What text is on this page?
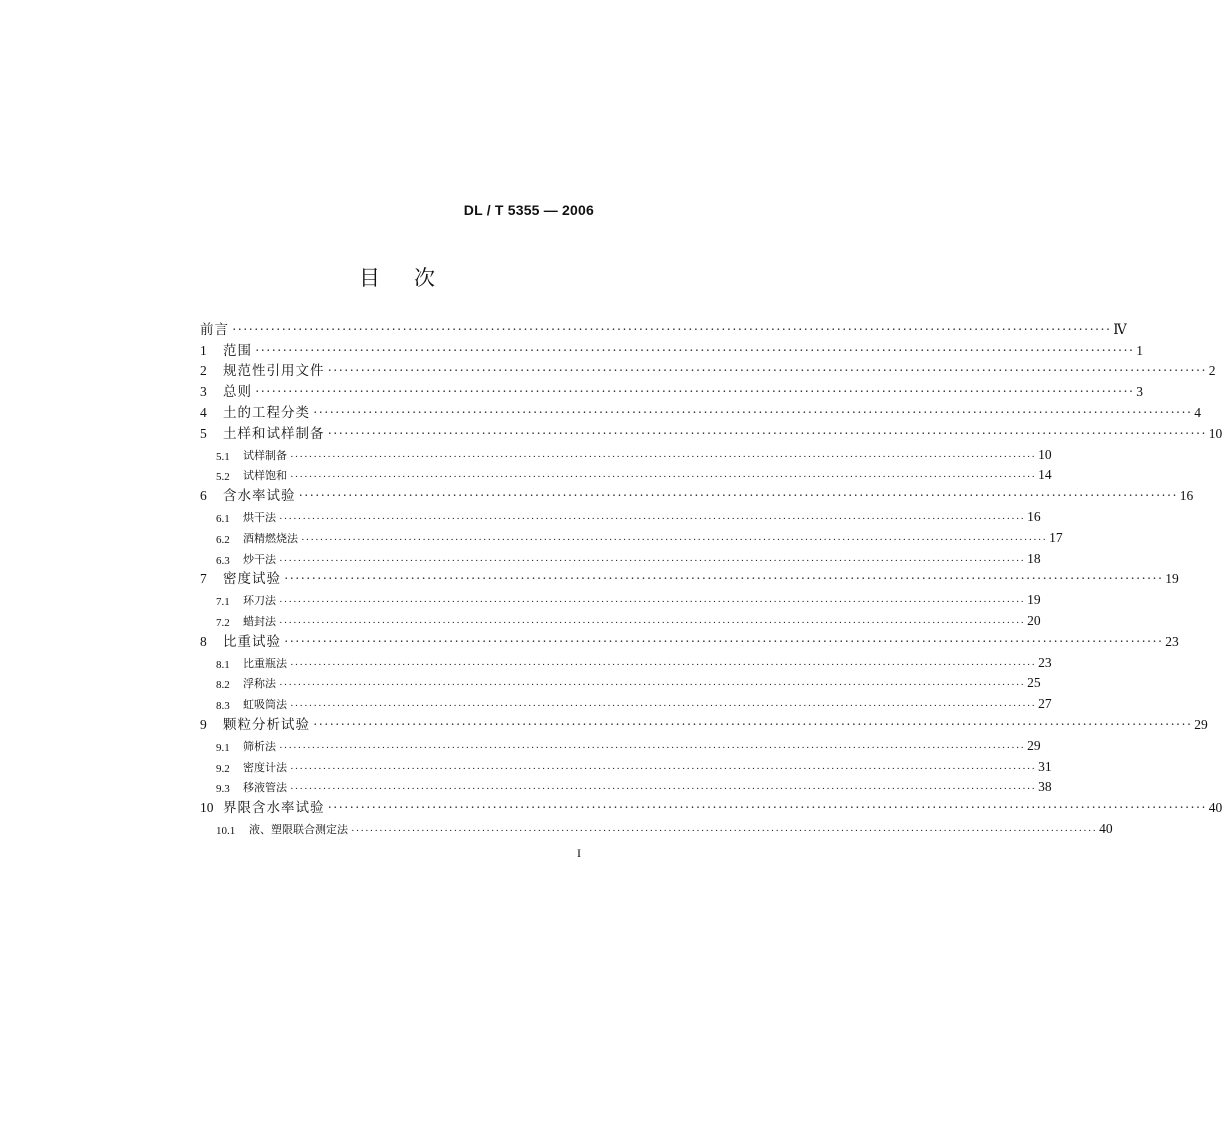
DL / T 5355 — 2006
目 次
前言 ································································································································································ Ⅳ
1	范围 ································································································································································ 1
2	规范性引用文件 ································································································································································ 2
3	总则 ································································································································································ 3
4	土的工程分类 ································································································································································ 4
5	土样和试样制备 ································································································································································ 10
5.1	试样制备 ································································································································································ 10
5.2	试样饱和 ································································································································································ 14
6	含水率试验 ································································································································································ 16
6.1	烘干法 ································································································································································ 16
6.2	酒精燃烧法 ································································································································································ 17
6.3	炒干法 ································································································································································ 18
7	密度试验 ································································································································································ 19
7.1	环刀法 ································································································································································ 19
7.2	蜡封法 ································································································································································ 20
8	比重试验 ································································································································································ 23
8.1	比重瓶法 ································································································································································ 23
8.2	浮称法 ································································································································································ 25
8.3	虹吸筒法 ································································································································································ 27
9	颗粒分析试验 ································································································································································ 29
9.1	筛析法 ································································································································································ 29
9.2	密度计法 ································································································································································ 31
9.3	移液管法 ································································································································································ 38
10 界限含水率试验 ································································································································································ 40
10.1	液、塑限联合测定法 ································································································································································ 40
I
